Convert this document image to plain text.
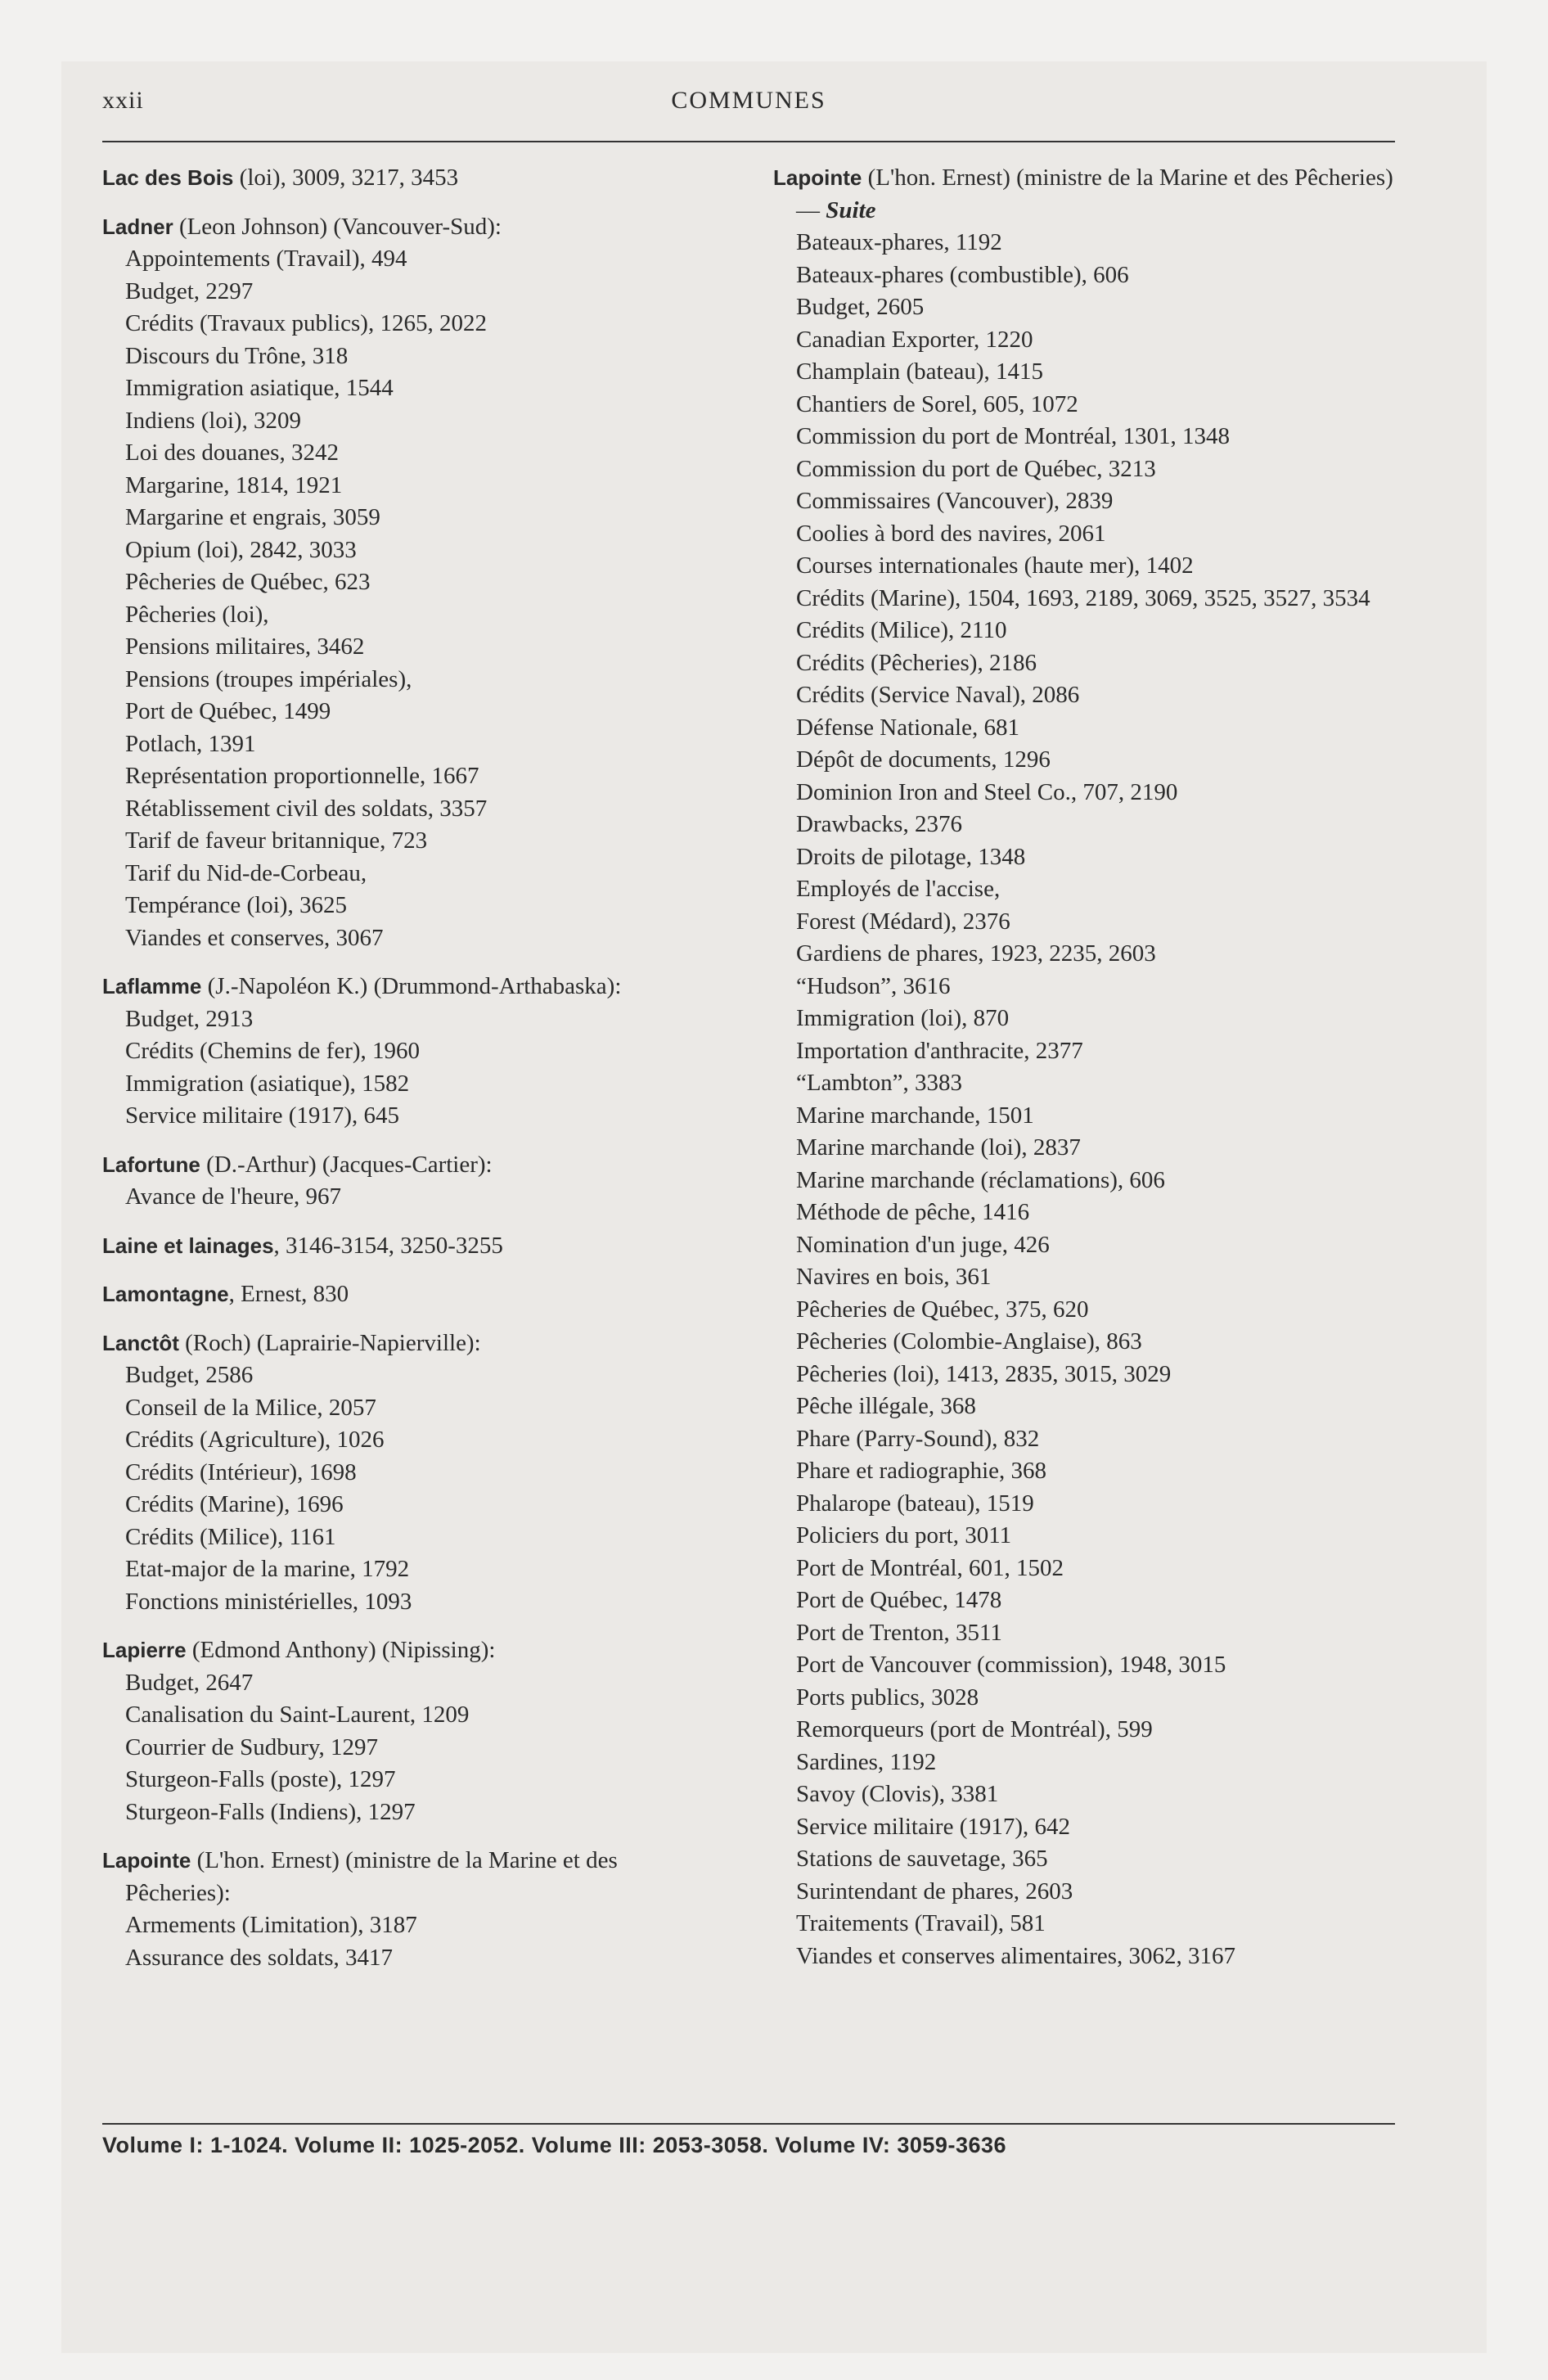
xxii	COMMUNES
Lac des Bois (loi), 3009, 3217, 3453
Ladner (Leon Johnson) (Vancouver-Sud):
Appointements (Travail), 494
Budget, 2297
Crédits (Travaux publics), 1265, 2022
Discours du Trône, 318
Immigration asiatique, 1544
Indiens (loi), 3209
Loi des douanes, 3242
Margarine, 1814, 1921
Margarine et engrais, 3059
Opium (loi), 2842, 3033
Pêcheries de Québec, 623
Pêcheries (loi),
Pensions militaires, 3462
Pensions (troupes impériales),
Port de Québec, 1499
Potlach, 1391
Représentation proportionnelle, 1667
Rétablissement civil des soldats, 3357
Tarif de faveur britannique, 723
Tarif du Nid-de-Corbeau,
Tempérance (loi), 3625
Viandes et conserves, 3067
Laflamme (J.-Napoléon K.) (Drummond-Arthabaska):
Budget, 2913
Crédits (Chemins de fer), 1960
Immigration (asiatique), 1582
Service militaire (1917), 645
Lafortune (D.-Arthur) (Jacques-Cartier):
Avance de l'heure, 967
Laine et lainages, 3146-3154, 3250-3255
Lamontagne, Ernest, 830
Lanctôt (Roch) (Laprairie-Napierville):
Budget, 2586
Conseil de la Milice, 2057
Crédits (Agriculture), 1026
Crédits (Intérieur), 1698
Crédits (Marine), 1696
Crédits (Milice), 1161
Etat-major de la marine, 1792
Fonctions ministérielles, 1093
Lapierre (Edmond Anthony) (Nipissing):
Budget, 2647
Canalisation du Saint-Laurent, 1209
Courrier de Sudbury, 1297
Sturgeon-Falls (poste), 1297
Sturgeon-Falls (Indiens), 1297
Lapointe (L'hon. Ernest) (ministre de la Marine et des Pêcheries):
Armements (Limitation), 3187
Assurance des soldats, 3417
Lapointe (L'hon. Ernest) (ministre de la Marine et des Pêcheries) — Suite
Bateaux-phares, 1192
Bateaux-phares (combustible), 606
Budget, 2605
Canadian Exporter, 1220
Champlain (bateau), 1415
Chantiers de Sorel, 605, 1072
Commission du port de Montréal, 1301, 1348
Commission du port de Québec, 3213
Commissaires (Vancouver), 2839
Coolies à bord des navires, 2061
Courses internationales (haute mer), 1402
Crédits (Marine), 1504, 1693, 2189, 3069, 3525, 3527, 3534
Crédits (Milice), 2110
Crédits (Pêcheries), 2186
Crédits (Service Naval), 2086
Défense Nationale, 681
Dépôt de documents, 1296
Dominion Iron and Steel Co., 707, 2190
Drawbacks, 2376
Droits de pilotage, 1348
Employés de l'accise,
Forest (Médard), 2376
Gardiens de phares, 1923, 2235, 2603
“Hudson”, 3616
Immigration (loi), 870
Importation d'anthracite, 2377
“Lambton”, 3383
Marine marchande, 1501
Marine marchande (loi), 2837
Marine marchande (réclamations), 606
Méthode de pêche, 1416
Nomination d'un juge, 426
Navires en bois, 361
Pêcheries de Québec, 375, 620
Pêcheries (Colombie-Anglaise), 863
Pêcheries (loi), 1413, 2835, 3015, 3029
Pêche illégale, 368
Phare (Parry-Sound), 832
Phare et radiographie, 368
Phalarope (bateau), 1519
Policiers du port, 3011
Port de Montréal, 601, 1502
Port de Québec, 1478
Port de Trenton, 3511
Port de Vancouver (commission), 1948, 3015
Ports publics, 3028
Remorqueurs (port de Montréal), 599
Sardines, 1192
Savoy (Clovis), 3381
Service militaire (1917), 642
Stations de sauvetage, 365
Surintendant de phares, 2603
Traitements (Travail), 581
Viandes et conserves alimentaires, 3062, 3167
Volume I: 1-1024. Volume II: 1025-2052. Volume III: 2053-3058. Volume IV: 3059-3636
